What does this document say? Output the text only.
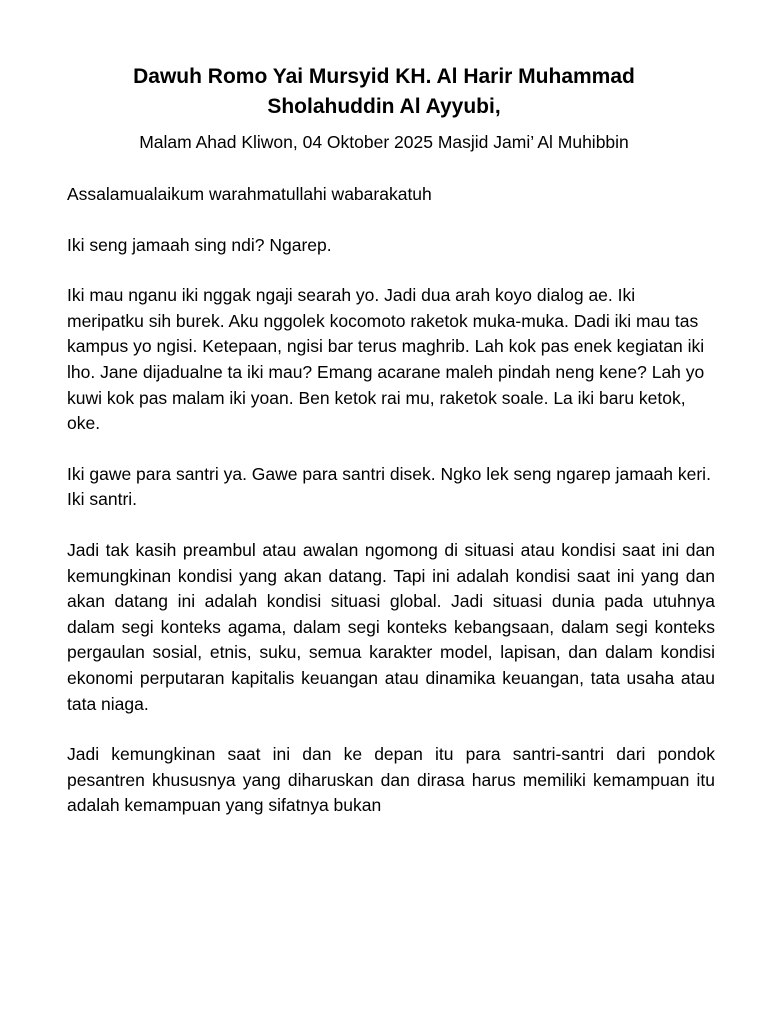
Dawuh Romo Yai Mursyid KH. Al Harir Muhammad
Sholahuddin Al Ayyubi,

Malam Ahad Kliwon, 04 Oktober 2025 Masjid Jami’ Al Muhibbin

Assalamualaikum warahmatullahi wabarakatuh

Iki seng jamaah sing ndi? Ngarep.

Iki mau nganu iki nggak ngaji searah yo. Jadi dua arah koyo dialog ae. Iki meripatku sih burek. Aku nggolek kocomoto raketok muka-muka. Dadi iki mau tas kampus yo ngisi. Ketepaan, ngisi bar terus maghrib. Lah kok pas enek kegiatan iki lho. Jane dijadualne ta iki mau? Emang acarane maleh pindah neng kene? Lah yo kuwi kok pas malam iki yoan. Ben ketok rai mu, raketok soale. La iki baru ketok, oke.

Iki gawe para santri ya. Gawe para santri disek. Ngko lek seng ngarep jamaah keri. Iki santri.

Jadi tak kasih preambul atau awalan ngomong di situasi atau kondisi saat ini dan kemungkinan kondisi yang akan datang. Tapi ini adalah kondisi saat ini yang dan akan datang ini adalah kondisi situasi global. Jadi situasi dunia pada utuhnya dalam segi konteks agama, dalam segi konteks kebangsaan, dalam segi konteks pergaulan sosial, etnis, suku, semua karakter model, lapisan, dan dalam kondisi ekonomi perputaran kapitalis keuangan atau dinamika keuangan, tata usaha atau tata niaga.

Jadi kemungkinan saat ini dan ke depan itu para santri-santri dari pondok pesantren khususnya yang diharuskan dan dirasa harus memiliki kemampuan itu adalah kemampuan yang sifatnya bukan
